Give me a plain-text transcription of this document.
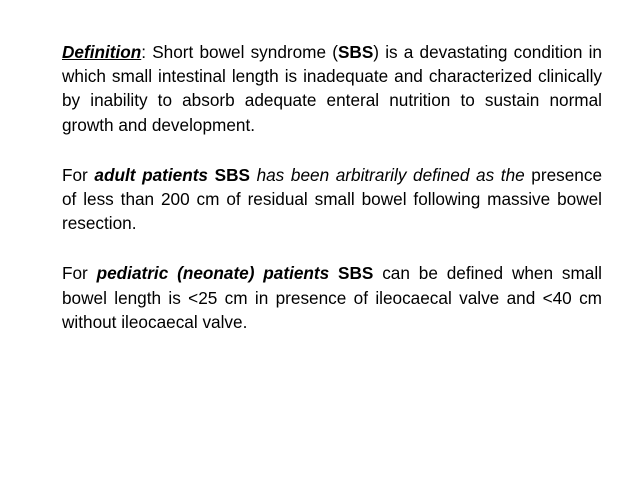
Definition: Short bowel syndrome (SBS) is a devastating condition in which small intestinal length is inadequate and characterized clinically by inability to absorb adequate enteral nutrition to sustain normal growth and development.

For adult patients SBS has been arbitrarily defined as the presence of less than 200 cm of residual small bowel following massive bowel resection.

For pediatric (neonate) patients SBS can be defined when small bowel length is <25 cm in presence of ileocaecal valve and <40 cm without ileocaecal valve.
